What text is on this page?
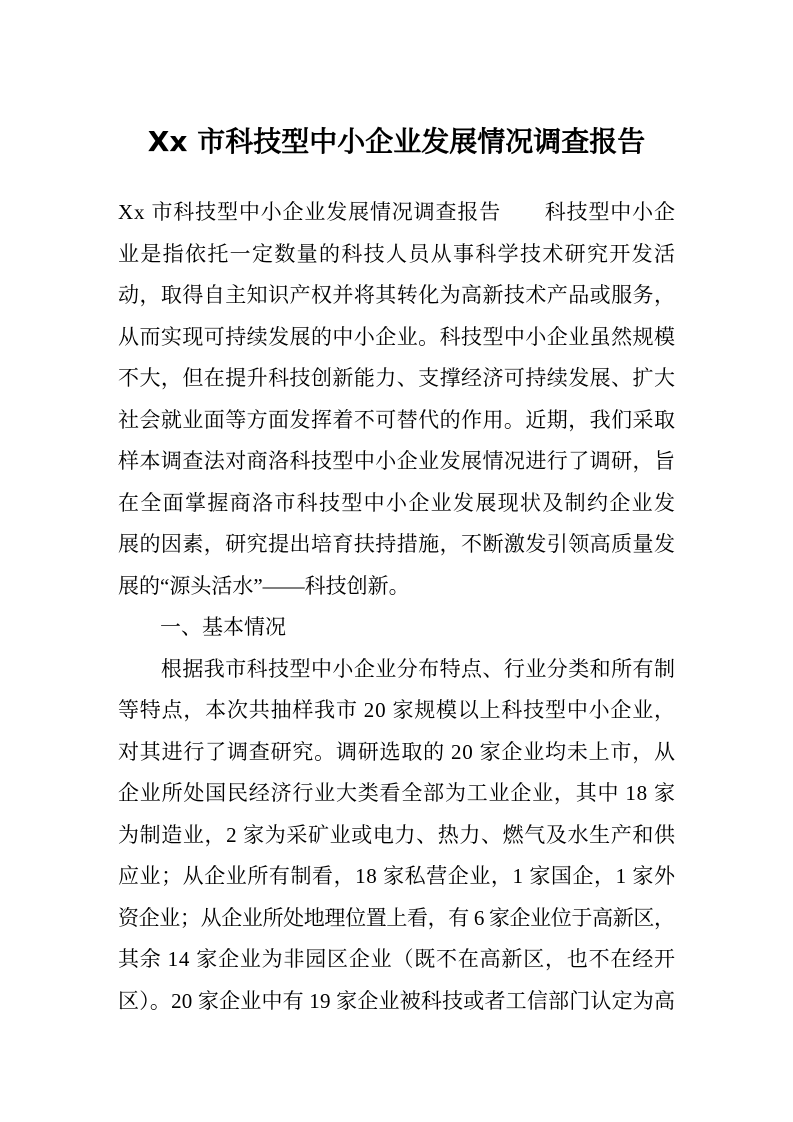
Xx 市科技型中小企业发展情况调查报告
Xx 市科技型中小企业发展情况调查报告　　科技型中小企
业是指依托一定数量的科技人员从事科学技术研究开发活
动，取得自主知识产权并将其转化为高新技术产品或服务，
从而实现可持续发展的中小企业。科技型中小企业虽然规模
不大，但在提升科技创新能力、支撑经济可持续发展、扩大
社会就业面等方面发挥着不可替代的作用。近期，我们采取
样本调查法对商洛科技型中小企业发展情况进行了调研，旨
在全面掌握商洛市科技型中小企业发展现状及制约企业发
展的因素，研究提出培育扶持措施，不断激发引领高质量发
展的“源头活水”——科技创新。
　　一、基本情况
　　根据我市科技型中小企业分布特点、行业分类和所有制
等特点，本次共抽样我市 20 家规模以上科技型中小企业，
对其进行了调查研究。调研选取的 20 家企业均未上市，从
企业所处国民经济行业大类看全部为工业企业，其中 18 家
为制造业，2 家为采矿业或电力、热力、燃气及水生产和供
应业；从企业所有制看，18 家私营企业，1 家国企，1 家外
资企业；从企业所处地理位置上看，有 6 家企业位于高新区，
其余 14 家企业为非园区企业（既不在高新区，也不在经开
区）。20 家企业中有 19 家企业被科技或者工信部门认定为高
